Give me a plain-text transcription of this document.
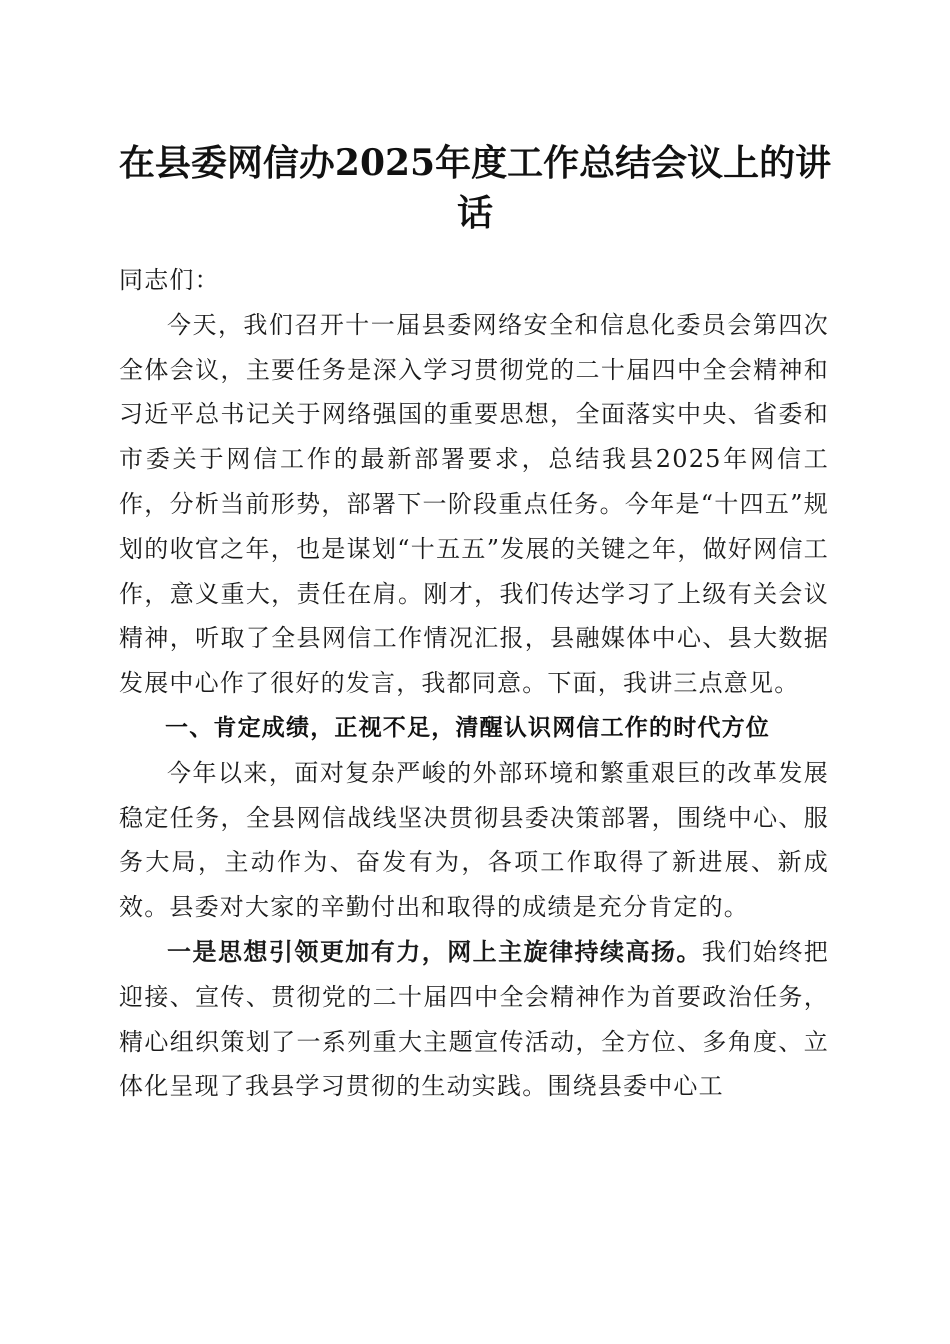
在县委网信办2025年度工作总结会议上的讲话

同志们：

今天，我们召开十一届县委网络安全和信息化委员会第四次全体会议，主要任务是深入学习贯彻党的二十届四中全会精神和习近平总书记关于网络强国的重要思想，全面落实中央、省委和市委关于网信工作的最新部署要求，总结我县2025年网信工作，分析当前形势，部署下一阶段重点任务。今年是“十四五”规划的收官之年，也是谋划“十五五”发展的关键之年，做好网信工作，意义重大，责任在肩。刚才，我们传达学习了上级有关会议精神，听取了全县网信工作情况汇报，县融媒体中心、县大数据发展中心作了很好的发言，我都同意。下面，我讲三点意见。

一、肯定成绩，正视不足，清醒认识网信工作的时代方位

今年以来，面对复杂严峻的外部环境和繁重艰巨的改革发展稳定任务，全县网信战线坚决贯彻县委决策部署，围绕中心、服务大局，主动作为、奋发有为，各项工作取得了新进展、新成效。县委对大家的辛勤付出和取得的成绩是充分肯定的。

一是思想引领更加有力，网上主旋律持续高扬。我们始终把迎接、宣传、贯彻党的二十届四中全会精神作为首要政治任务，精心组织策划了一系列重大主题宣传活动，全方位、多角度、立体化呈现了我县学习贯彻的生动实践。围绕县委中心工
